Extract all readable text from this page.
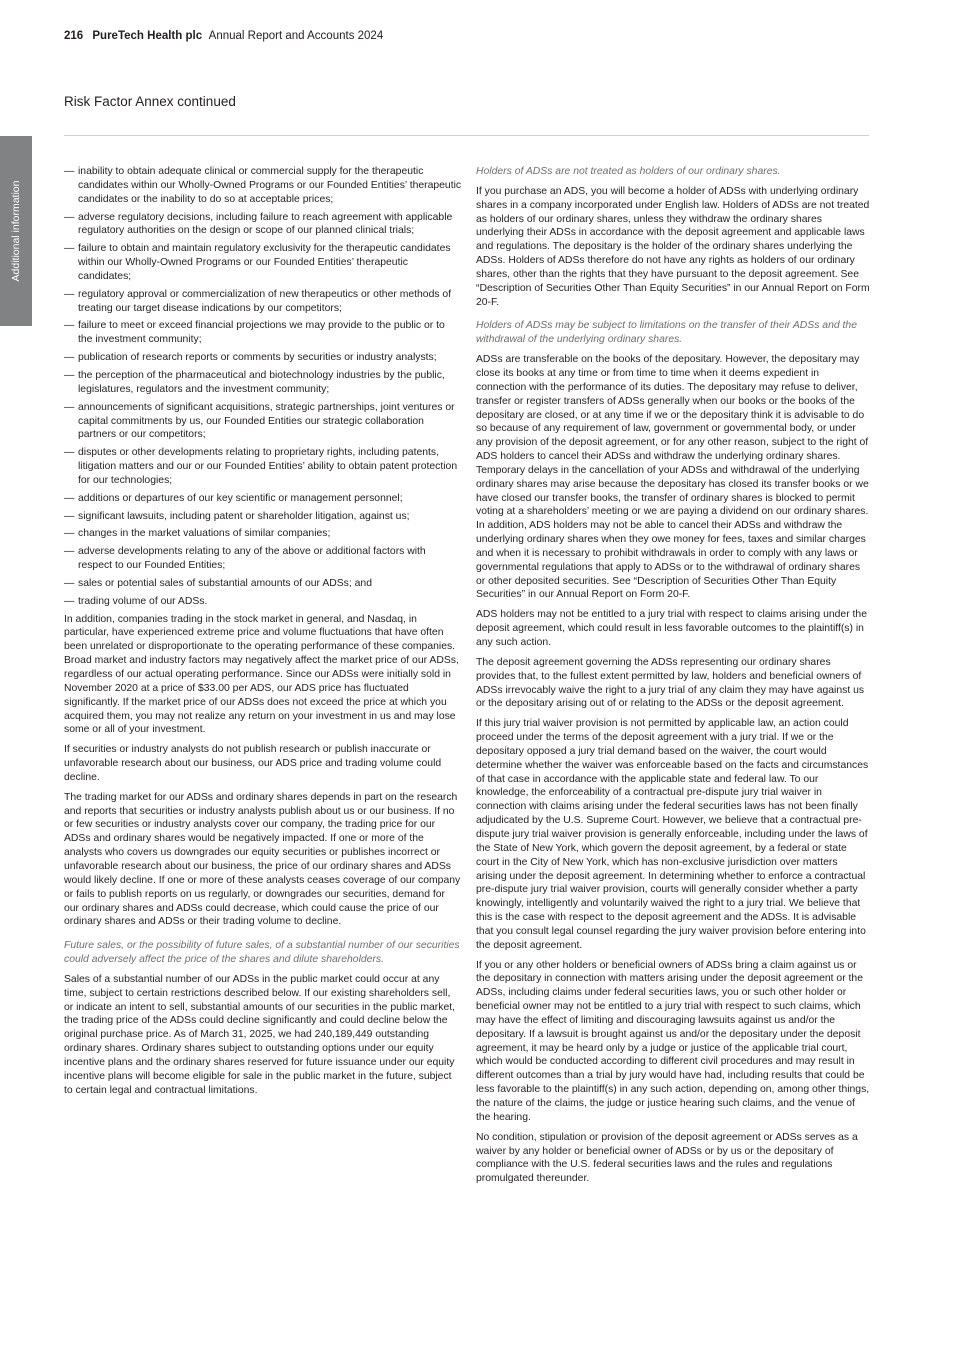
216 PureTech Health plc Annual Report and Accounts 2024
Risk Factor Annex continued
Additional information
— inability to obtain adequate clinical or commercial supply for the therapeutic candidates within our Wholly-Owned Programs or our Founded Entities’ therapeutic candidates or the inability to do so at acceptable prices;
— adverse regulatory decisions, including failure to reach agreement with applicable regulatory authorities on the design or scope of our planned clinical trials;
— failure to obtain and maintain regulatory exclusivity for the therapeutic candidates within our Wholly-Owned Programs or our Founded Entities’ therapeutic candidates;
— regulatory approval or commercialization of new therapeutics or other methods of treating our target disease indications by our competitors;
— failure to meet or exceed financial projections we may provide to the public or to the investment community;
— publication of research reports or comments by securities or industry analysts;
— the perception of the pharmaceutical and biotechnology industries by the public, legislatures, regulators and the investment community;
— announcements of significant acquisitions, strategic partnerships, joint ventures or capital commitments by us, our Founded Entities our strategic collaboration partners or our competitors;
— disputes or other developments relating to proprietary rights, including patents, litigation matters and our or our Founded Entities’ ability to obtain patent protection for our technologies;
— additions or departures of our key scientific or management personnel;
— significant lawsuits, including patent or shareholder litigation, against us;
— changes in the market valuations of similar companies;
— adverse developments relating to any of the above or additional factors with respect to our Founded Entities;
— sales or potential sales of substantial amounts of our ADSs; and
— trading volume of our ADSs.

In addition, companies trading in the stock market in general, and Nasdaq, in particular, have experienced extreme price and volume fluctuations that have often been unrelated or disproportionate to the operating performance of these companies. Broad market and industry factors may negatively affect the market price of our ADSs, regardless of our actual operating performance. Since our ADSs were initially sold in November 2020 at a price of $33.00 per ADS, our ADS price has fluctuated significantly. If the market price of our ADSs does not exceed the price at which you acquired them, you may not realize any return on your investment in us and may lose some or all of your investment.

If securities or industry analysts do not publish research or publish inaccurate or unfavorable research about our business, our ADS price and trading volume could decline.

The trading market for our ADSs and ordinary shares depends in part on the research and reports that securities or industry analysts publish about us or our business. If no or few securities or industry analysts cover our company, the trading price for our ADSs and ordinary shares would be negatively impacted. If one or more of the analysts who covers us downgrades our equity securities or publishes incorrect or unfavorable research about our business, the price of our ordinary shares and ADSs would likely decline. If one or more of these analysts ceases coverage of our company or fails to publish reports on us regularly, or downgrades our securities, demand for our ordinary shares and ADSs could decrease, which could cause the price of our ordinary shares and ADSs or their trading volume to decline.

Future sales, or the possibility of future sales, of a substantial number of our securities could adversely affect the price of the shares and dilute shareholders.

Sales of a substantial number of our ADSs in the public market could occur at any time, subject to certain restrictions described below. If our existing shareholders sell, or indicate an intent to sell, substantial amounts of our securities in the public market, the trading price of the ADSs could decline significantly and could decline below the original purchase price. As of March 31, 2025, we had 240,189,449 outstanding ordinary shares. Ordinary shares subject to outstanding options under our equity incentive plans and the ordinary shares reserved for future issuance under our equity incentive plans will become eligible for sale in the public market in the future, subject to certain legal and contractual limitations.

Holders of ADSs are not treated as holders of our ordinary shares.

If you purchase an ADS, you will become a holder of ADSs with underlying ordinary shares in a company incorporated under English law. Holders of ADSs are not treated as holders of our ordinary shares, unless they withdraw the ordinary shares underlying their ADSs in accordance with the deposit agreement and applicable laws and regulations. The depositary is the holder of the ordinary shares underlying the ADSs. Holders of ADSs therefore do not have any rights as holders of our ordinary shares, other than the rights that they have pursuant to the deposit agreement. See “Description of Securities Other Than Equity Securities” in our Annual Report on Form 20-F.

Holders of ADSs may be subject to limitations on the transfer of their ADSs and the withdrawal of the underlying ordinary shares.

ADSs are transferable on the books of the depositary. However, the depositary may close its books at any time or from time to time when it deems expedient in connection with the performance of its duties. The depositary may refuse to deliver, transfer or register transfers of ADSs generally when our books or the books of the depositary are closed, or at any time if we or the depositary think it is advisable to do so because of any requirement of law, government or governmental body, or under any provision of the deposit agreement, or for any other reason, subject to the right of ADS holders to cancel their ADSs and withdraw the underlying ordinary shares. Temporary delays in the cancellation of your ADSs and withdrawal of the underlying ordinary shares may arise because the depositary has closed its transfer books or we have closed our transfer books, the transfer of ordinary shares is blocked to permit voting at a shareholders’ meeting or we are paying a dividend on our ordinary shares. In addition, ADS holders may not be able to cancel their ADSs and withdraw the underlying ordinary shares when they owe money for fees, taxes and similar charges and when it is necessary to prohibit withdrawals in order to comply with any laws or governmental regulations that apply to ADSs or to the withdrawal of ordinary shares or other deposited securities. See “Description of Securities Other Than Equity Securities” in our Annual Report on Form 20-F.

ADS holders may not be entitled to a jury trial with respect to claims arising under the deposit agreement, which could result in less favorable outcomes to the plaintiff(s) in any such action.

The deposit agreement governing the ADSs representing our ordinary shares provides that, to the fullest extent permitted by law, holders and beneficial owners of ADSs irrevocably waive the right to a jury trial of any claim they may have against us or the depositary arising out of or relating to the ADSs or the deposit agreement.

If this jury trial waiver provision is not permitted by applicable law, an action could proceed under the terms of the deposit agreement with a jury trial. If we or the depositary opposed a jury trial demand based on the waiver, the court would determine whether the waiver was enforceable based on the facts and circumstances of that case in accordance with the applicable state and federal law. To our knowledge, the enforceability of a contractual pre-dispute jury trial waiver in connection with claims arising under the federal securities laws has not been finally adjudicated by the U.S. Supreme Court. However, we believe that a contractual pre-dispute jury trial waiver provision is generally enforceable, including under the laws of the State of New York, which govern the deposit agreement, by a federal or state court in the City of New York, which has non-exclusive jurisdiction over matters arising under the deposit agreement. In determining whether to enforce a contractual pre-dispute jury trial waiver provision, courts will generally consider whether a party knowingly, intelligently and voluntarily waived the right to a jury trial. We believe that this is the case with respect to the deposit agreement and the ADSs. It is advisable that you consult legal counsel regarding the jury waiver provision before entering into the deposit agreement.

If you or any other holders or beneficial owners of ADSs bring a claim against us or the depositary in connection with matters arising under the deposit agreement or the ADSs, including claims under federal securities laws, you or such other holder or beneficial owner may not be entitled to a jury trial with respect to such claims, which may have the effect of limiting and discouraging lawsuits against us and/or the depositary. If a lawsuit is brought against us and/or the depositary under the deposit agreement, it may be heard only by a judge or justice of the applicable trial court, which would be conducted according to different civil procedures and may result in different outcomes than a trial by jury would have had, including results that could be less favorable to the plaintiff(s) in any such action, depending on, among other things, the nature of the claims, the judge or justice hearing such claims, and the venue of the hearing.

No condition, stipulation or provision of the deposit agreement or ADSs serves as a waiver by any holder or beneficial owner of ADSs or by us or the depositary of compliance with the U.S. federal securities laws and the rules and regulations promulgated thereunder.
